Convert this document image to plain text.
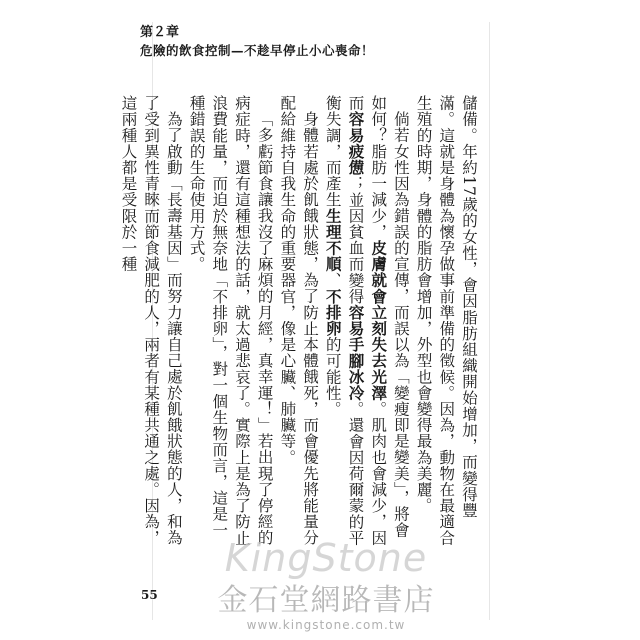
第２章
危險的飲食控制—不趁早停止小心喪命！

儲備。年約17歲的女性，會因脂肪組織開始增加，而變得豐滿。這就是身體為懷孕做事前準備的徵候。因為，動物在最適合生殖的時期，身體的脂肪會增加，外型也會變得最為美麗。

倘若女性因為錯誤的宣傳，而誤以為「變瘦即是變美」，將會如何？脂肪一減少，皮膚就會立刻失去光澤。肌肉也會減少，因而容易疲憊；並因貧血而變得容易手腳冰冷。還會因荷爾蒙的平衡失調，而產生生理不順、不排卵的可能性。

身體若處於飢餓狀態，為了防止本體餓死，而會優先將能量分配給維持自我生命的重要器官，像是心臟、肺臟等。

「多虧節食讓我沒了麻煩的月經，真幸運！」若出現了停經的病症時，還有這種想法的話，就太過悲哀了。實際上是為了防止浪費能量，而迫於無奈地「不排卵」，對一個生物而言，這是一種錯誤的生命使用方式。

為了啟動「長壽基因」而努力讓自己處於飢餓狀態的人，和為了受到異性青睞而節食減肥的人，兩者有某種共通之處。因為，這兩種人都是受限於一種

55
KingStone
金石堂網路書店
www.kingstone.com.tw
